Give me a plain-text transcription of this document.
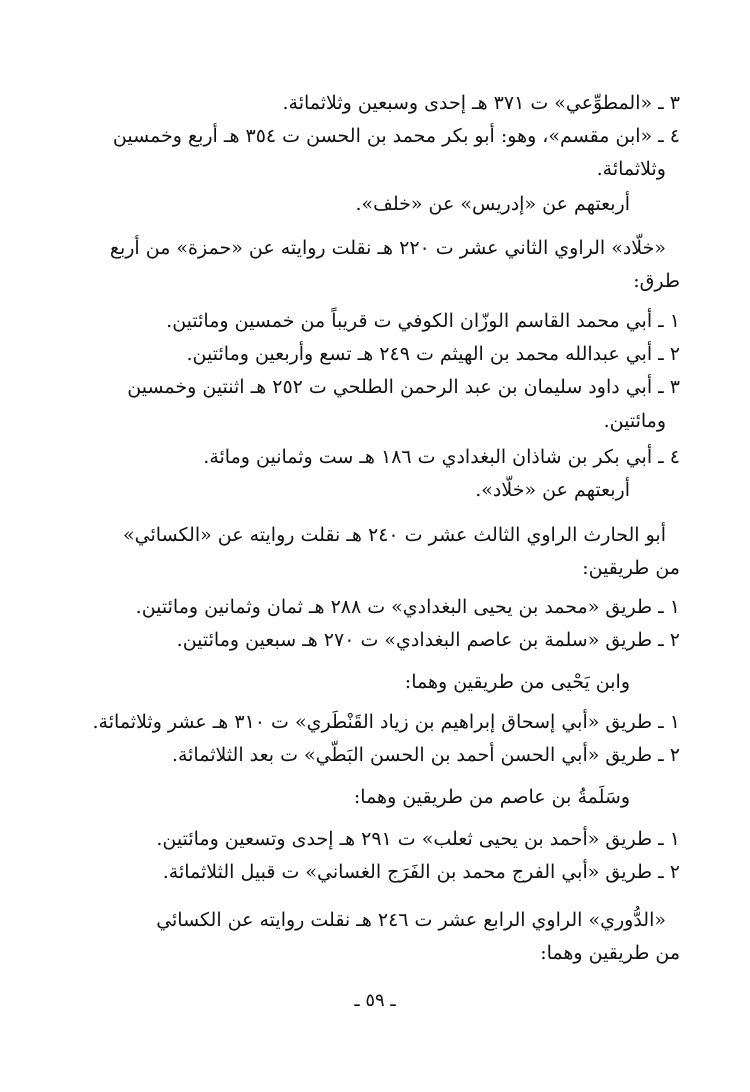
٣ ـ «المطوِّعي» ت ٣٧١ هـ إحدى وسبعين وثلاثمائة.

٤ ـ «ابن مقسم»، وهو: أبو بكر محمد بن الحسن ت ٣٥٤ هـ أربع وخمسين

وثلاثمائة.

أربعتهم عن «إدريس» عن «خلف».

«خلّاد» الراوي الثاني عشر ت ٢٢٠ هـ نقلت روايته عن «حمزة» من أربع

طرق:

١ ـ أبي محمد القاسم الوزّان الكوفي ت قريباً من خمسين ومائتين.

٢ ـ أبي عبدالله محمد بن الهيثم ت ٢٤٩ هـ تسع وأربعين ومائتين.

٣ ـ أبي داود سليمان بن عبد الرحمن الطلحي ت ٢٥٢ هـ اثنتين وخمسين

ومائتين.

٤ ـ أبي بكر بن شاذان البغدادي ت ١٨٦ هـ ست وثمانين ومائة.

أربعتهم عن «خلّاد».

أبو الحارث الراوي الثالث عشر ت ٢٤٠ هـ نقلت روايته عن «الكسائي»

من طريقين:

١ ـ طريق «محمد بن يحيى البغدادي» ت ٢٨٨ هـ ثمان وثمانين ومائتين.

٢ ـ طريق «سلمة بن عاصم البغدادي» ت ٢٧٠ هـ سبعين ومائتين.

وابن يَحْيى من طريقين وهما:

١ ـ طريق «أبي إسحاق إبراهيم بن زياد القَنْطَري» ت ٣١٠ هـ عشر وثلاثمائة.

٢ ـ طريق «أبي الحسن أحمد بن الحسن البَطّي» ت بعد الثلاثمائة.

وسَلَمةُ بن عاصم من طريقين وهما:

١ ـ طريق «أحمد بن يحيى ثعلب» ت ٢٩١ هـ إحدى وتسعين ومائتين.

٢ ـ طريق «أبي الفرج محمد بن الفَرَج الغساني» ت قبيل الثلاثمائة.

«الدُّوري» الراوي الرابع عشر ت ٢٤٦ هـ نقلت روايته عن الكسائي

من طريقين وهما:

ـ ٥٩ ـ
